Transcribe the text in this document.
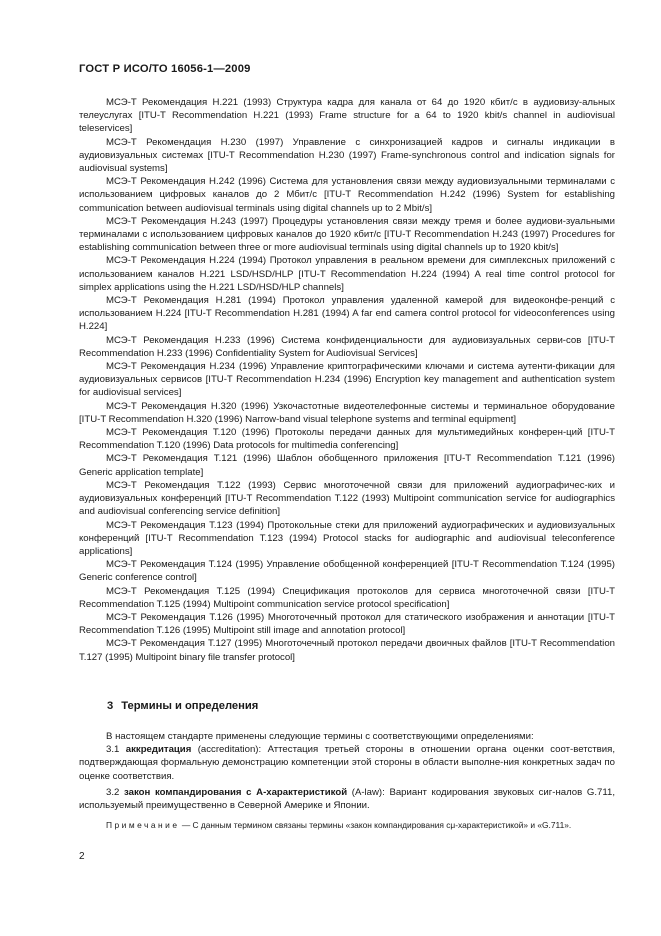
ГОСТ Р ИСО/ТО 16056-1—2009

МСЭ-Т Рекомендация Н.221 (1993) Структура кадра для канала от 64 до 1920 кбит/с в аудиовизу-альных телеуслугах [ITU-T Recommendation H.221 (1993) Frame structure for a 64 to 1920 kbit/s channel in audiovisual teleservices]

МСЭ-Т Рекомендация Н.230 (1997) Управление с синхронизацией кадров и сигналы индикации в аудиовизуальных системах [ITU-T Recommendation H.230 (1997) Frame-synchronous control and indication signals for audiovisual systems]

МСЭ-Т Рекомендация Н.242 (1996) Система для установления связи между аудиовизуальными терминалами с использованием цифровых каналов до 2 Мбит/с [ITU-T Recommendation H.242 (1996) System for establishing communication between audiovisual terminals using digital channels up to 2 Mbit/s]

МСЭ-Т Рекомендация Н.243 (1997) Процедуры установления связи между тремя и более аудиови-зуальными терминалами с использованием цифровых каналов до 1920 кбит/с [ITU-T Recommendation H.243 (1997) Procedures for establishing communication between three or more audiovisual terminals using digital channels up to 1920 kbit/s]

МСЭ-Т Рекомендация Н.224 (1994) Протокол управления в реальном времени для симплексных приложений с использованием каналов Н.221 LSD/HSD/HLP [ITU-T Recommendation H.224 (1994) A real time control protocol for simplex applications using the H.221 LSD/HSD/HLP channels]

МСЭ-Т Рекомендация Н.281 (1994) Протокол управления удаленной камерой для видеоконфе-ренций с использованием Н.224 [ITU-T Recommendation H.281 (1994) A far end camera control protocol for videoconferences using H.224]

МСЭ-Т Рекомендация Н.233 (1996) Система конфиденциальности для аудиовизуальных серви-сов [ITU-T Recommendation H.233 (1996) Confidentiality System for Audiovisual Services]

МСЭ-Т Рекомендация Н.234 (1996) Управление криптографическими ключами и система аутенти-фикации для аудиовизуальных сервисов [ITU-T Recommendation H.234 (1996) Encryption key management and authentication system for audiovisual services]

МСЭ-Т Рекомендация Н.320 (1996) Узкочастотные видеотелефонные системы и терминальное оборудование [ITU-T Recommendation H.320 (1996) Narrow-band visual telephone systems and terminal equipment]

МСЭ-Т Рекомендация Т.120 (1996) Протоколы передачи данных для мультимедийных конферен-ций [ITU-T Recommendation T.120 (1996) Data protocols for multimedia conferencing]

МСЭ-Т Рекомендация Т.121 (1996) Шаблон обобщенного приложения [ITU-T Recommendation T.121 (1996) Generic application template]

МСЭ-Т Рекомендация Т.122 (1993) Сервис многоточечной связи для приложений аудиографичес-ких и аудиовизуальных конференций [ITU-T Recommendation T.122 (1993) Multipoint communication service for audiographics and audiovisual conferencing service definition]

МСЭ-Т Рекомендация Т.123 (1994) Протокольные стеки для приложений аудиографических и аудиовизуальных конференций [ITU-T Recommendation T.123 (1994) Protocol stacks for audiographic and audiovisual teleconference applications]

МСЭ-Т Рекомендация Т.124 (1995) Управление обобщенной конференцией [ITU-T Recommendation T.124 (1995) Generic conference control]

МСЭ-Т Рекомендация Т.125 (1994) Спецификация протоколов для сервиса многоточечной связи [ITU-T Recommendation T.125 (1994) Multipoint communication service protocol specification]

МСЭ-Т Рекомендация Т.126 (1995) Многоточечный протокол для статического изображения и аннотации [ITU-T Recommendation T.126 (1995) Multipoint still image and annotation protocol]

МСЭ-Т Рекомендация Т.127 (1995) Многоточечный протокол передачи двоичных файлов [ITU-T Recommendation T.127 (1995) Multipoint binary file transfer protocol]

3 Термины и определения

В настоящем стандарте применены следующие термины с соответствующими определениями:

3.1 аккредитация (accreditation): Аттестация третьей стороны в отношении органа оценки соот-ветствия, подтверждающая формальную демонстрацию компетенции этой стороны в области выполне-ния конкретных задач по оценке соответствия.

3.2 закон компандирования с А-характеристикой (A-law): Вариант кодирования звуковых сиг-налов G.711, используемый преимущественно в Северной Америке и Японии.

Примечание — С данным термином связаны термины «закон компандирования сμ-характеристикой» и «G.711».

2
